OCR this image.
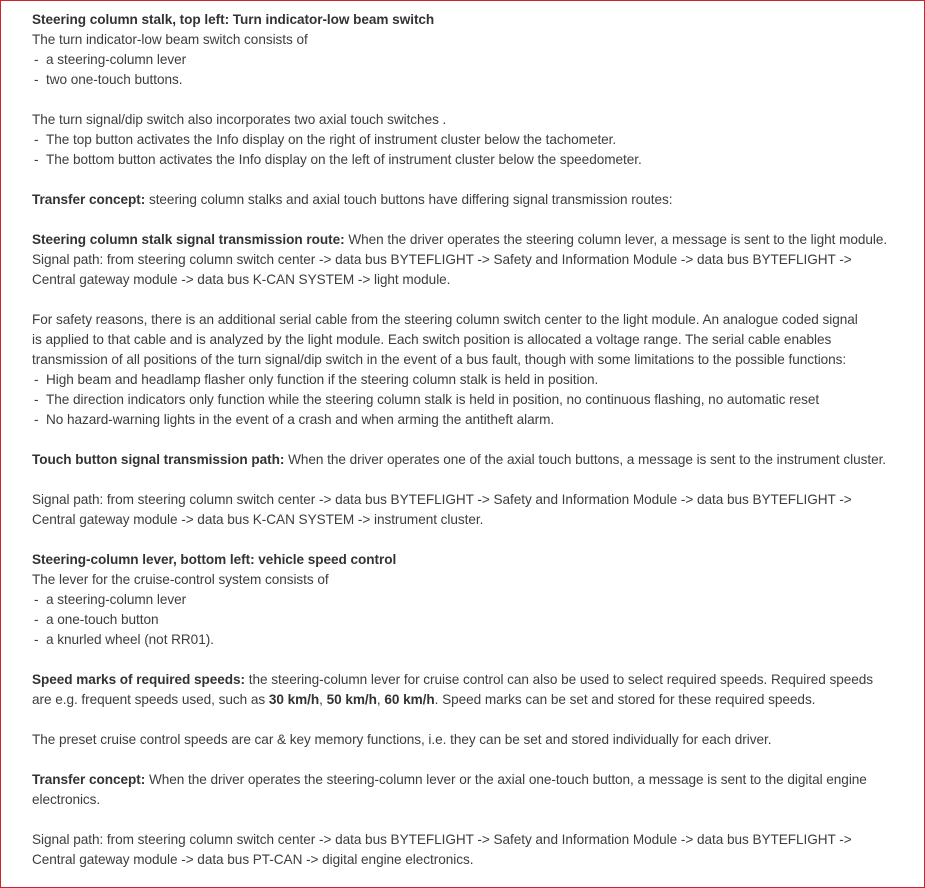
Steering column stalk, top left: Turn indicator-low beam switch
The turn indicator-low beam switch consists of
- a steering-column lever
- two one-touch buttons.
The turn signal/dip switch also incorporates two axial touch switches .
- The top button activates the Info display on the right of instrument cluster below the tachometer.
- The bottom button activates the Info display on the left of instrument cluster below the speedometer.
Transfer concept: steering column stalks and axial touch buttons have differing signal transmission routes:
Steering column stalk signal transmission route: When the driver operates the steering column lever, a message is sent to the light module.
Signal path: from steering column switch center -> data bus BYTEFLIGHT -> Safety and Information Module -> data bus BYTEFLIGHT ->
Central gateway module -> data bus K-CAN SYSTEM -> light module.
For safety reasons, there is an additional serial cable from the steering column switch center to the light module. An analogue coded signal
is applied to that cable and is analyzed by the light module. Each switch position is allocated a voltage range. The serial cable enables
transmission of all positions of the turn signal/dip switch in the event of a bus fault, though with some limitations to the possible functions:
- High beam and headlamp flasher only function if the steering column stalk is held in position.
- The direction indicators only function while the steering column stalk is held in position, no continuous flashing, no automatic reset
- No hazard-warning lights in the event of a crash and when arming the antitheft alarm.
Touch button signal transmission path: When the driver operates one of the axial touch buttons, a message is sent to the instrument cluster.
Signal path: from steering column switch center -> data bus BYTEFLIGHT -> Safety and Information Module -> data bus BYTEFLIGHT ->
Central gateway module -> data bus K-CAN SYSTEM -> instrument cluster.
Steering-column lever, bottom left: vehicle speed control
The lever for the cruise-control system consists of
- a steering-column lever
- a one-touch button
- a knurled wheel (not RR01).
Speed marks of required speeds: the steering-column lever for cruise control can also be used to select required speeds. Required speeds
are e.g. frequent speeds used, such as 30 km/h, 50 km/h, 60 km/h. Speed marks can be set and stored for these required speeds.
The preset cruise control speeds are car & key memory functions, i.e. they can be set and stored individually for each driver.
Transfer concept: When the driver operates the steering-column lever or the axial one-touch button, a message is sent to the digital engine
electronics.
Signal path: from steering column switch center -> data bus BYTEFLIGHT -> Safety and Information Module -> data bus BYTEFLIGHT ->
Central gateway module -> data bus PT-CAN -> digital engine electronics.
